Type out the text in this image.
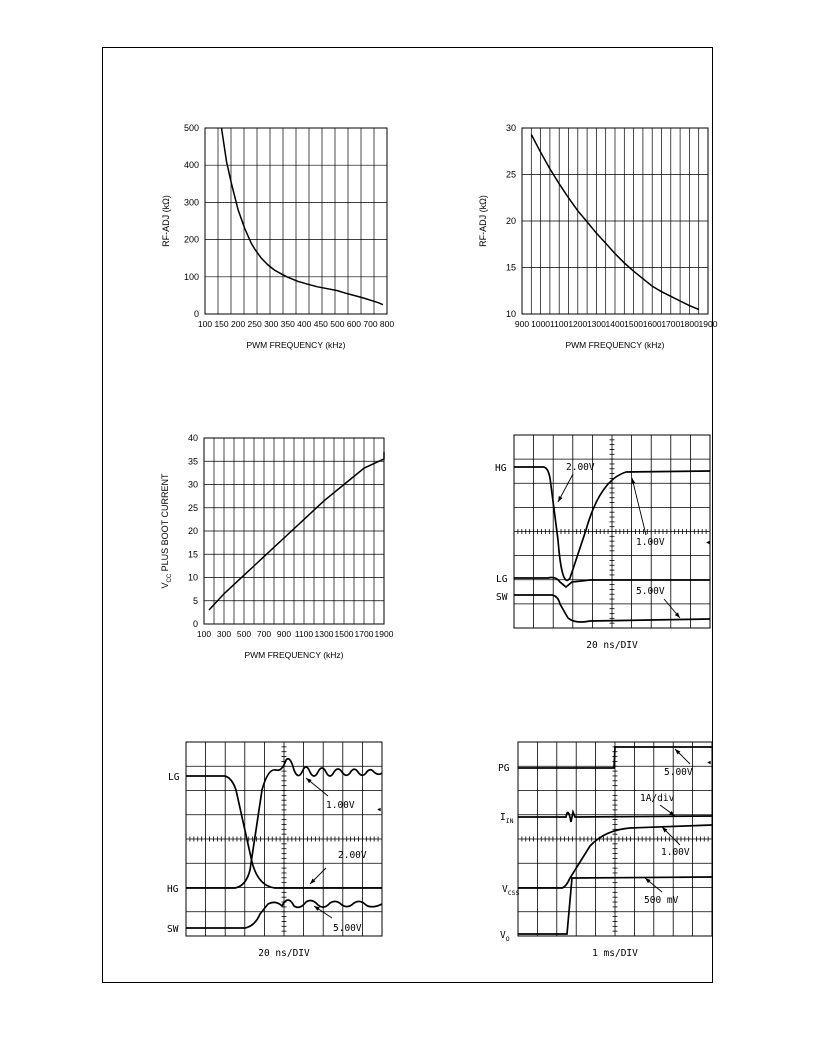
0
100
200
300
400
500
100 150 200 250 300 350 400 450 500 600 700 800
PWM FREQUENCY (kHz)
RF-ADJ (kΩ)
10
15
20
25
30
900 1000 1100 1200 1300 1400 1500 1600 1700 1800 1900
PWM FREQUENCY (kHz)
RF-ADJ (kΩ)
0
5
10
15
20
25
30
35
40
100 300 500 700 900 1100 1300 1500 1700 1900
PWM FREQUENCY (kHz)
$V_{CC}$ PLUS BOOT CURRENT
20 ns/DIV
HG
LG
SW
2.00V
1.00V
5.00V
◂
20 ns/DIV
LG
HG
SW
1.00V
2.00V
5.00V
◂
1 ms/DIV
PG
$I_{IN}$
$V_{CSS}$
$V_O$
5.00V
1A/div
1.00V
500 mV
◂
